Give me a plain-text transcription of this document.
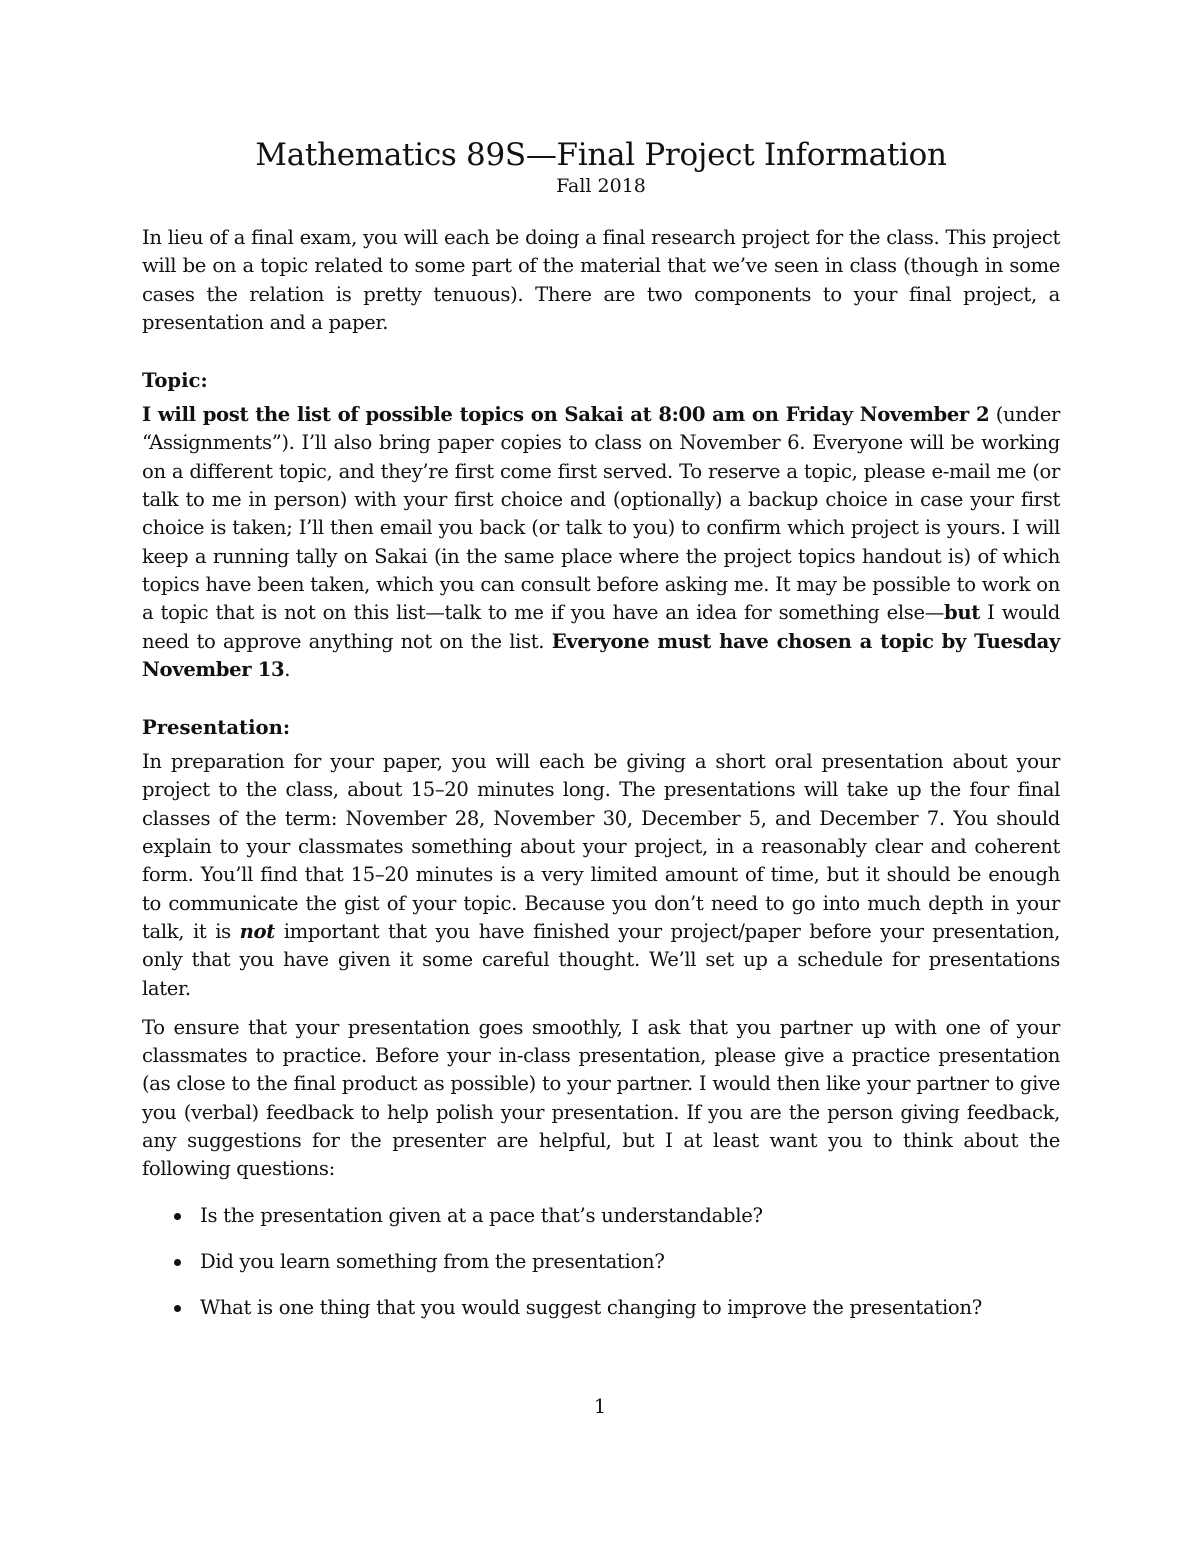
Mathematics 89S—Final Project Information
Fall 2018

In lieu of a final exam, you will each be doing a final research project for the class. This project will be on a topic related to some part of the material that we’ve seen in class (though in some cases the relation is pretty tenuous). There are two components to your final project, a presentation and a paper.

Topic:

I will post the list of possible topics on Sakai at 8:00 am on Friday November 2 (under “Assignments”). I’ll also bring paper copies to class on November 6. Everyone will be working on a different topic, and they’re first come first served. To reserve a topic, please e-mail me (or talk to me in person) with your first choice and (optionally) a backup choice in case your first choice is taken; I’ll then email you back (or talk to you) to confirm which project is yours. I will keep a running tally on Sakai (in the same place where the project topics handout is) of which topics have been taken, which you can consult before asking me. It may be possible to work on a topic that is not on this list—talk to me if you have an idea for something else—but I would need to approve anything not on the list. Everyone must have chosen a topic by Tuesday November 13.

Presentation:

In preparation for your paper, you will each be giving a short oral presentation about your project to the class, about 15–20 minutes long. The presentations will take up the four final classes of the term: November 28, November 30, December 5, and December 7. You should explain to your classmates something about your project, in a reasonably clear and coherent form. You’ll find that 15–20 minutes is a very limited amount of time, but it should be enough to communicate the gist of your topic. Because you don’t need to go into much depth in your talk, it is not important that you have finished your project/paper before your presentation, only that you have given it some careful thought. We’ll set up a schedule for presentations later.

To ensure that your presentation goes smoothly, I ask that you partner up with one of your classmates to practice. Before your in-class presentation, please give a practice presentation (as close to the final product as possible) to your partner. I would then like your partner to give you (verbal) feedback to help polish your presentation. If you are the person giving feedback, any suggestions for the presenter are helpful, but I at least want you to think about the following questions:

Is the presentation given at a pace that’s understandable?
Did you learn something from the presentation?
What is one thing that you would suggest changing to improve the presentation?
1
